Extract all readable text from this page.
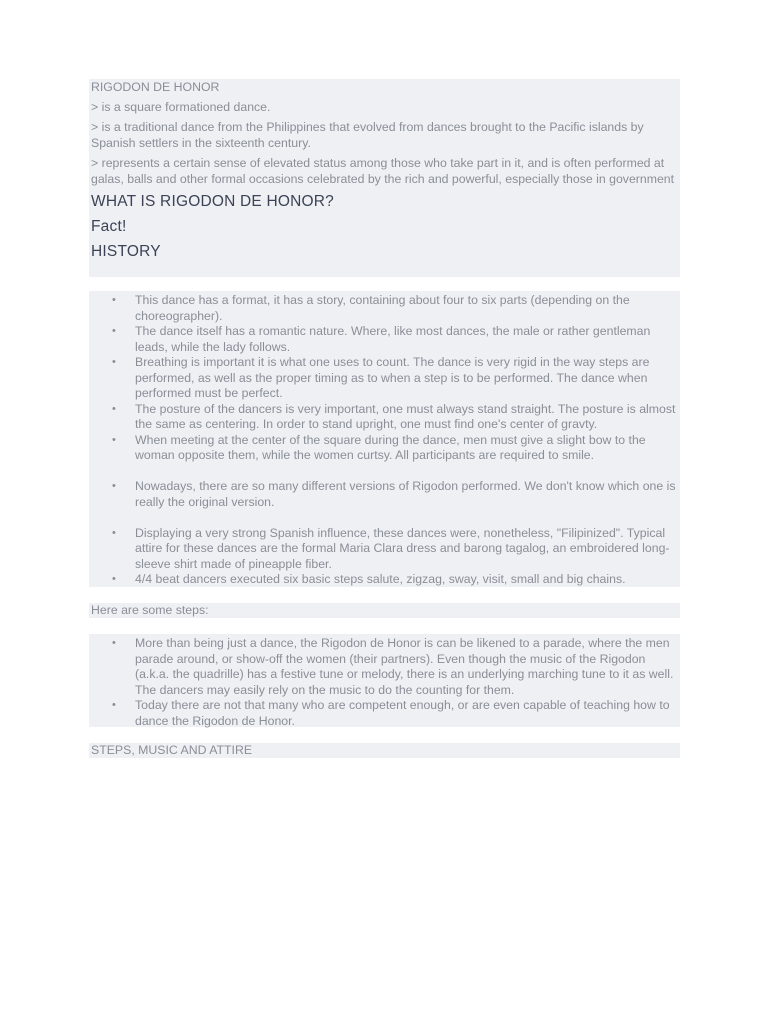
RIGODON DE HONOR

> is a square formationed dance.

> is a traditional dance from the Philippines that evolved from dances brought to the Pacific islands by Spanish settlers in the sixteenth century.

> represents a certain sense of elevated status among those who take part in it, and is often performed at galas, balls and other formal occasions celebrated by the rich and powerful, especially those in government

WHAT IS RIGODON DE HONOR?
Fact!
HISTORY
• This dance has a format, it has a story, containing about four to six parts (depending on the choreographer).
• The dance itself has a romantic nature. Where, like most dances, the male or rather gentleman leads, while the lady follows.
• Breathing is important it is what one uses to count. The dance is very rigid in the way steps are performed, as well as the proper timing as to when a step is to be performed. The dance when performed must be perfect.
• The posture of the dancers is very important, one must always stand straight. The posture is almost the same as centering. In order to stand upright, one must find one's center of gravty.
• When meeting at the center of the square during the dance, men must give a slight bow to the woman opposite them, while the women curtsy. All participants are required to smile.
• Nowadays, there are so many different versions of Rigodon performed. We don't know which one is really the original version.
• Displaying a very strong Spanish influence, these dances were, nonetheless, "Filipinized". Typical attire for these dances are the formal Maria Clara dress and barong tagalog, an embroidered long-sleeve shirt made of pineapple fiber.
• 4/4 beat dancers executed six basic steps salute, zigzag, sway, visit, small and big chains.

Here are some steps:

• More than being just a dance, the Rigodon de Honor is can be likened to a parade, where the men parade around, or show-off the women (their partners). Even though the music of the Rigodon (a.k.a. the quadrille) has a festive tune or melody, there is an underlying marching tune to it as well. The dancers may easily rely on the music to do the counting for them.
• Today there are not that many who are competent enough, or are even capable of teaching how to dance the Rigodon de Honor.

STEPS, MUSIC AND ATTIRE
